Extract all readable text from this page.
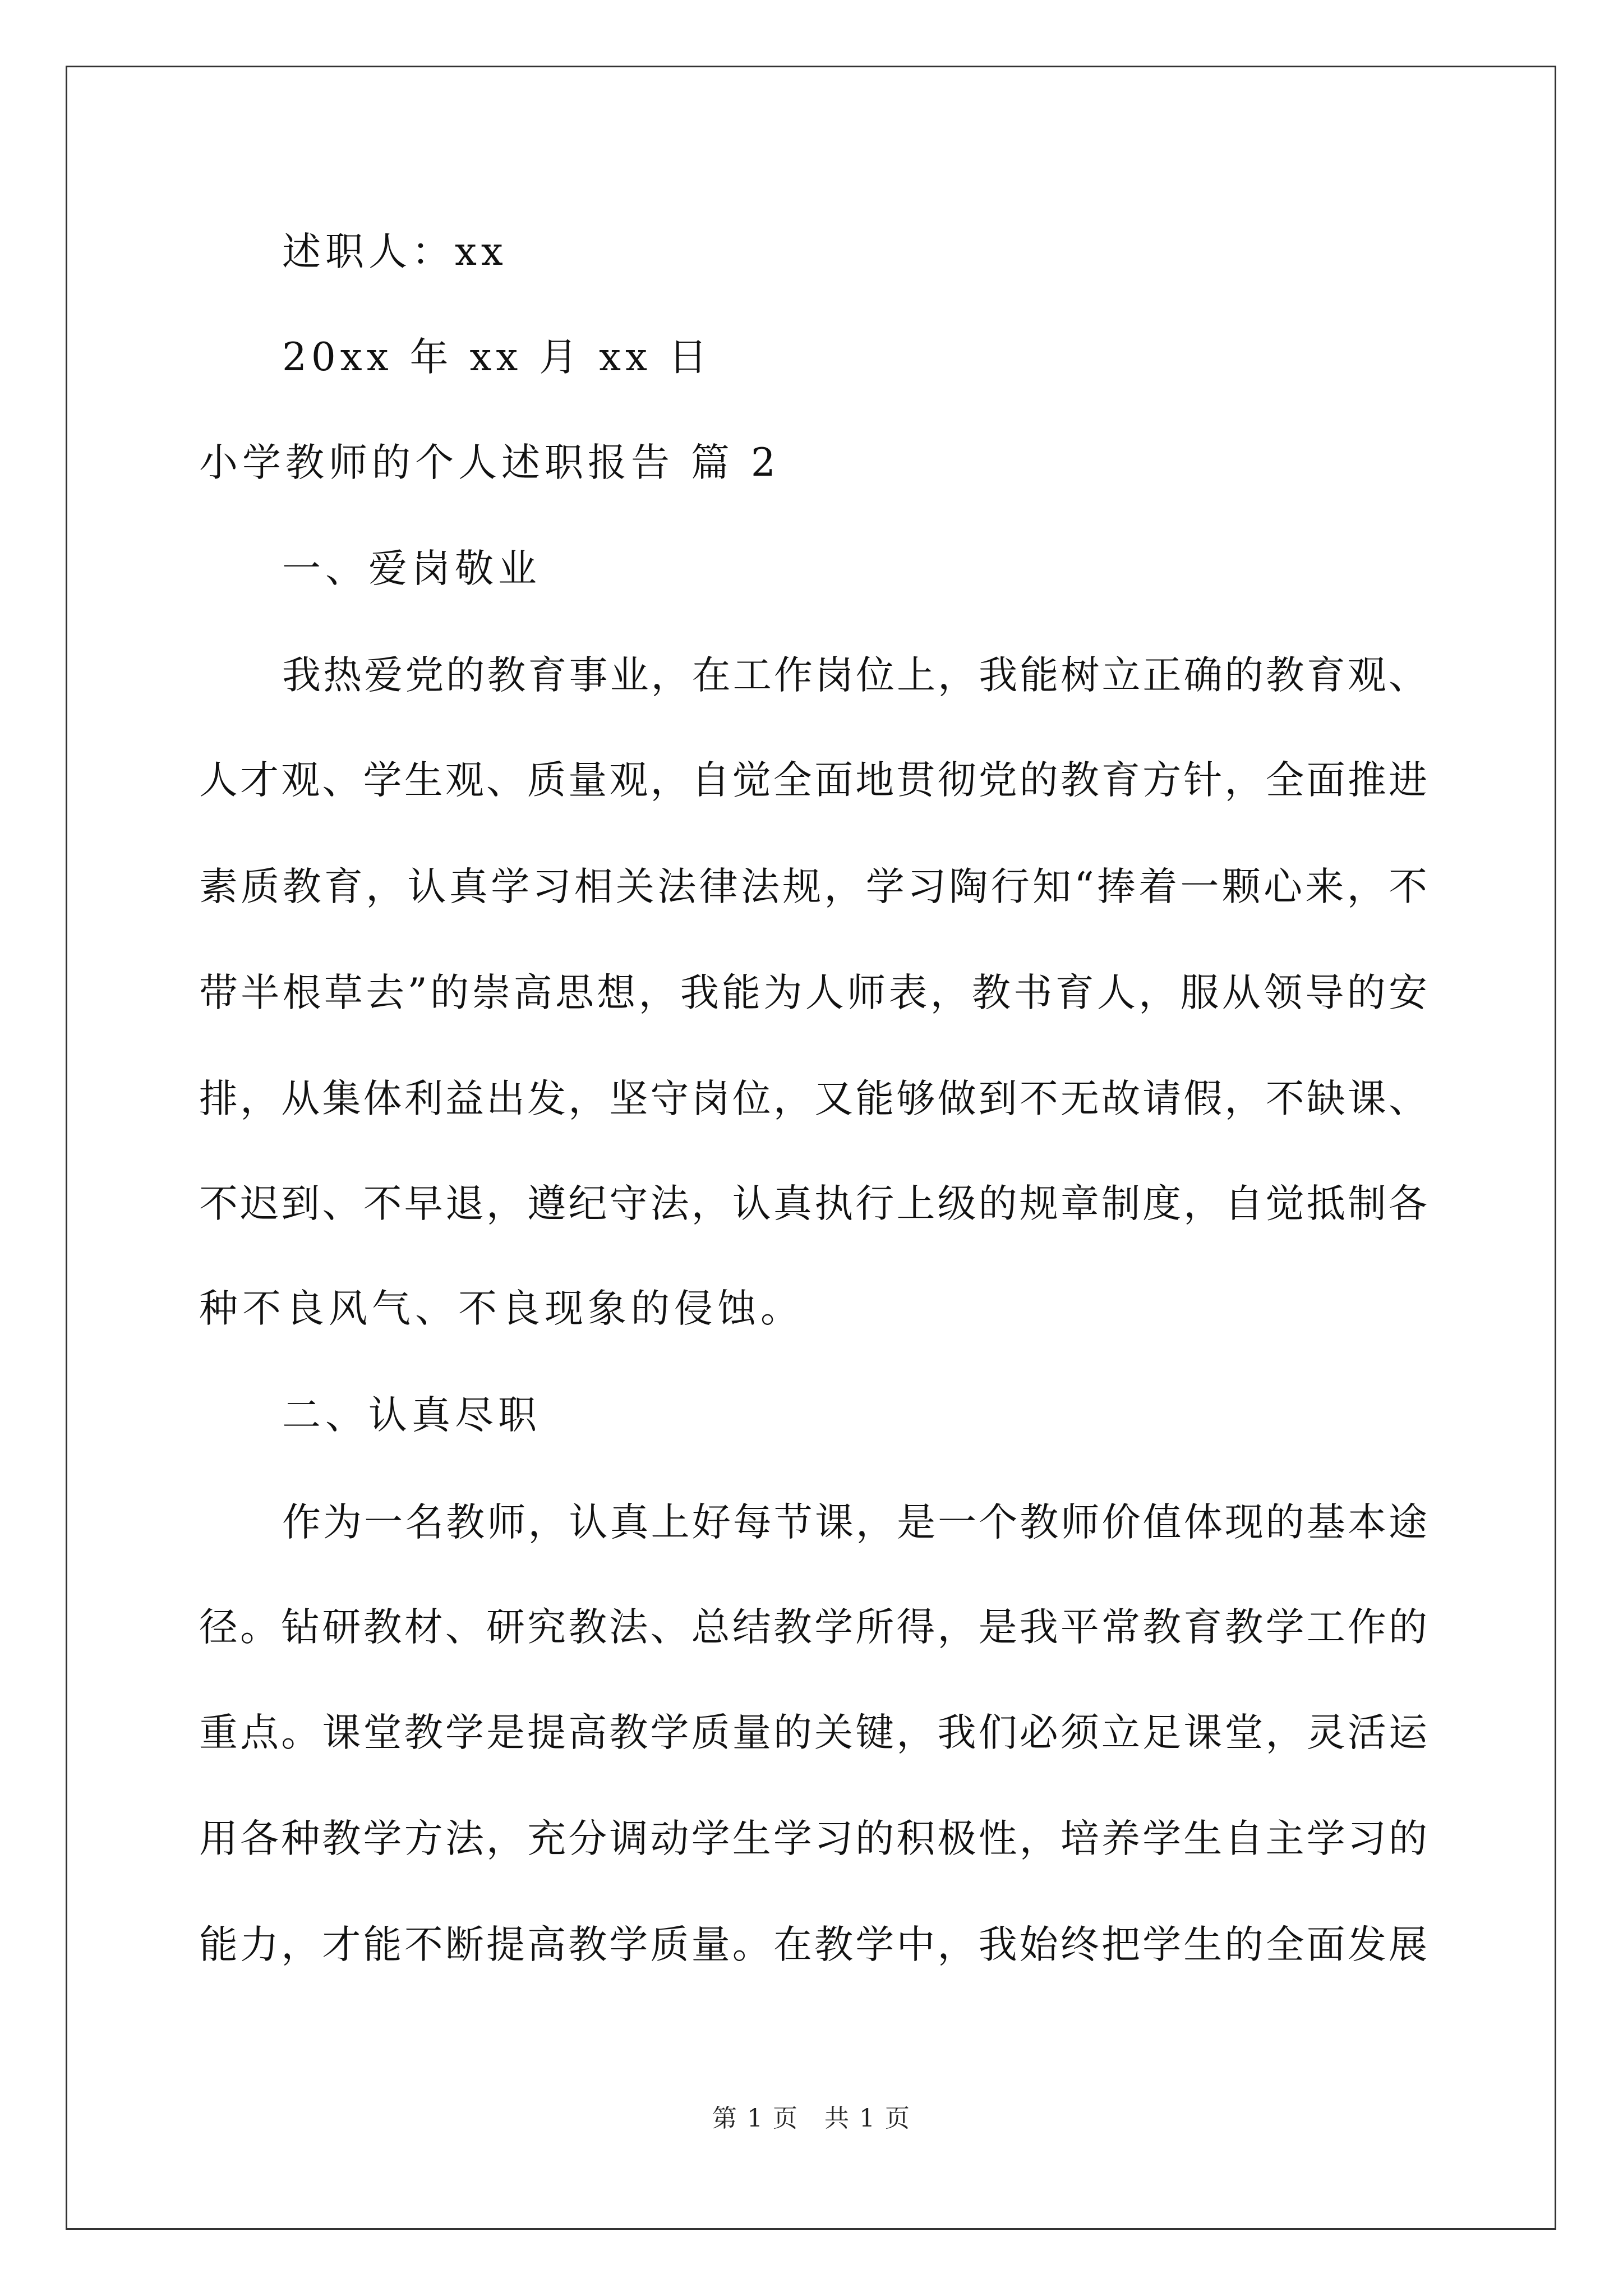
述职人：xx
20xx 年 xx 月 xx 日
小学教师的个人述职报告 篇 2
一、爱岗敬业
我热爱党的教育事业，在工作岗位上，我能树立正确的教育观、
人才观、学生观、质量观，自觉全面地贯彻党的教育方针，全面推进
素质教育，认真学习相关法律法规，学习陶行知“捧着一颗心来，不
带半根草去”的崇高思想，我能为人师表，教书育人，服从领导的安
排，从集体利益出发，坚守岗位，又能够做到不无故请假，不缺课、
不迟到、不早退，遵纪守法，认真执行上级的规章制度，自觉抵制各
种不良风气、不良现象的侵蚀。
二、认真尽职
作为一名教师，认真上好每节课，是一个教师价值体现的基本途
径。钻研教材、研究教法、总结教学所得，是我平常教育教学工作的
重点。课堂教学是提高教学质量的关键，我们必须立足课堂，灵活运
用各种教学方法，充分调动学生学习的积极性，培养学生自主学习的
能力，才能不断提高教学质量。在教学中，我始终把学生的全面发展
第 1 页　共 1 页
